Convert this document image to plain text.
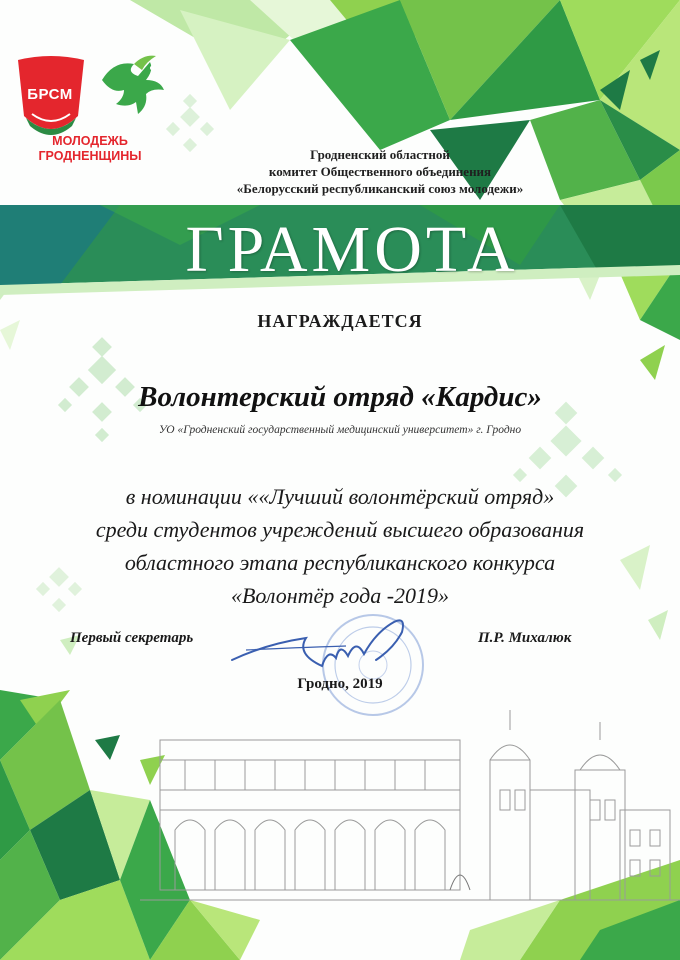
БРСМ
МОЛОДЕЖЬ
ГРОДНЕНЩИНЫ	Гродненский областной
комитет Общественного объединения
«Белорусский республиканский союз молодежи»
ГРАМОТА
НАГРАЖДАЕТСЯ
Волонтерский отряд «Кардис»
УО «Гродненский государственный медицинский университет» г. Гродно
в номинации ««Лучший волонтёрский отряд»
среди студентов учреждений высшего образования
областного этапа республиканского конкурса
«Волонтёр года -2019»
Первый секретарь	П.Р. Михалюк
Гродно, 2019
